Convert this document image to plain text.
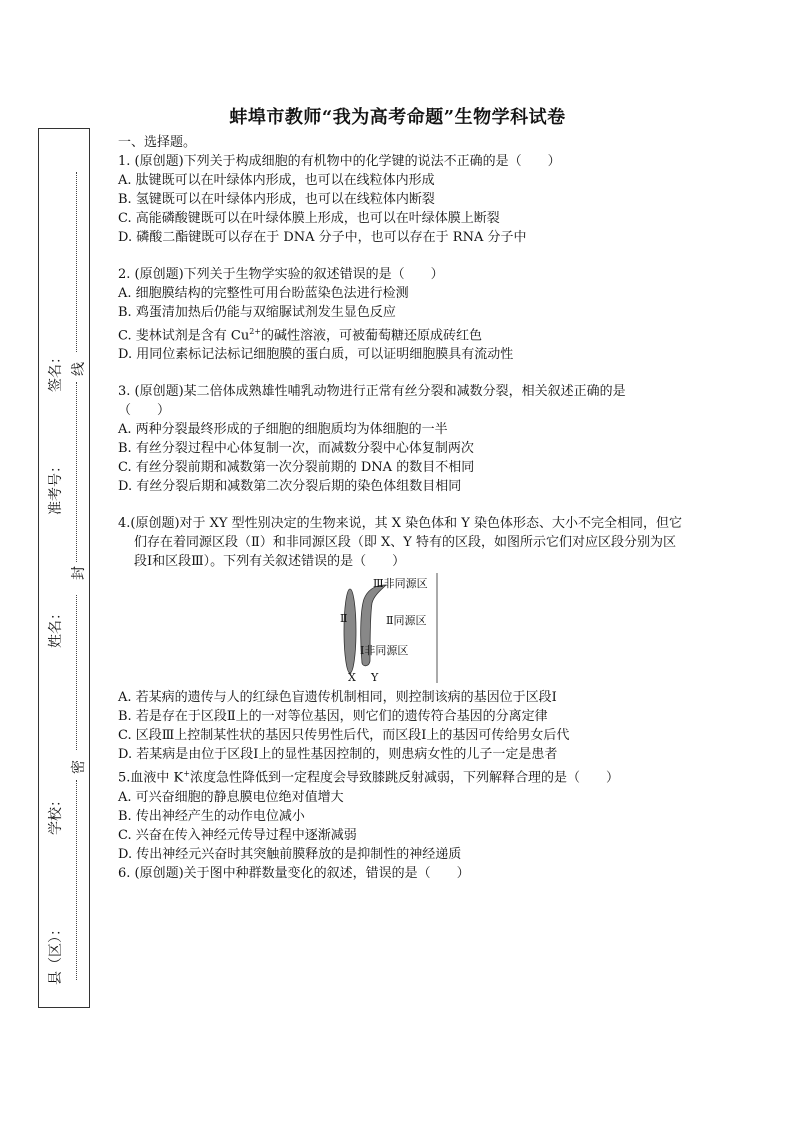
蚌埠市教师“我为高考命题”生物学科试卷
县（区）：
学校：
姓名：
准考号：
签名：
密
封
线
一、选择题。
1. (原创题)下列关于构成细胞的有机物中的化学键的说法不正确的是（　　）
A. 肽键既可以在叶绿体内形成，也可以在线粒体内形成
B. 氢键既可以在叶绿体内形成，也可以在线粒体内断裂
C. 高能磷酸键既可以在叶绿体膜上形成，也可以在叶绿体膜上断裂
D. 磷酸二酯键既可以存在于 DNA 分子中，也可以存在于 RNA 分子中
2. (原创题)下列关于生物学实验的叙述错误的是（　　）
A. 细胞膜结构的完整性可用台盼蓝染色法进行检测
B. 鸡蛋清加热后仍能与双缩脲试剂发生显色反应
C. 斐林试剂是含有 $Cu^{2+}$的碱性溶液，可被葡萄糖还原成砖红色
D. 用同位素标记法标记细胞膜的蛋白质，可以证明细胞膜具有流动性
3. (原创题)某二倍体成熟雄性哺乳动物进行正常有丝分裂和减数分裂，相关叙述正确的是
（　　）
A. 两种分裂最终形成的子细胞的细胞质均为体细胞的一半
B. 有丝分裂过程中心体复制一次，而减数分裂中心体复制两次
C. 有丝分裂前期和减数第一次分裂前期的 DNA 的数目不相同
D. 有丝分裂后期和减数第二次分裂后期的染色体组数目相同
4.(原创题)对于 XY 型性别决定的生物来说，其 X 染色体和 Y 染色体形态、大小不完全相同，但它们存在着同源区段（Ⅱ）和非同源区段（即 X、Y 特有的区段，如图所示它们对应区段分别为区段Ⅰ和区段Ⅲ）。下列有关叙述错误的是（　　）
Ⅲ非同源区
Ⅱ同源区
Ⅱ
Ⅰ非同源区
X Y
A. 若某病的遗传与人的红绿色盲遗传机制相同，则控制该病的基因位于区段Ⅰ
B. 若是存在于区段Ⅱ上的一对等位基因，则它们的遗传符合基因的分离定律
C. 区段Ⅲ上控制某性状的基因只传男性后代，而区段Ⅰ上的基因可传给男女后代
D. 若某病是由位于区段Ⅰ上的显性基因控制的，则患病女性的儿子一定是患者
5.血液中 K+浓度急性降低到一定程度会导致膝跳反射减弱，下列解释合理的是（　　）
A. 可兴奋细胞的静息膜电位绝对值增大
B. 传出神经产生的动作电位减小
C. 兴奋在传入神经元传导过程中逐渐减弱
D. 传出神经元兴奋时其突触前膜释放的是抑制性的神经递质
6. (原创题)关于图中种群数量变化的叙述，错误的是（　　）
